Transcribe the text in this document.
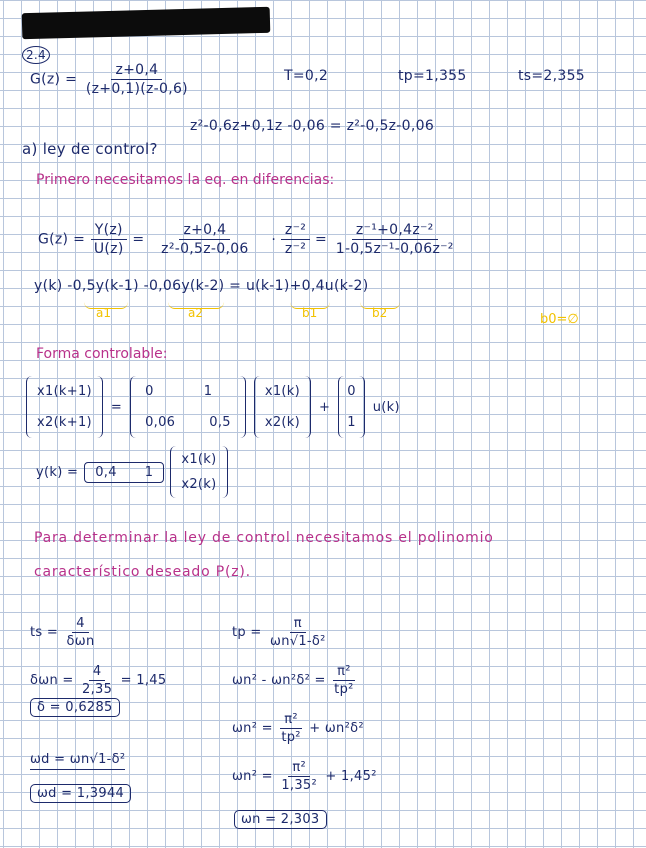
2.4
$G(z) = \frac{z+0,4}{(z+0,1)(z-0,6)}$	T=0,2	tp=1,355	ts=2,355
z²-0,6z+0,1z -0,06 = z²-0,5z-0,06
a) ley de control?
Primero necesitamos la eq. en diferencias:
$G(z) = \frac{Y(z)}{U(z)} = \frac{z+0,4}{\text{z²-0,5z-0,06}} \cdot \frac{\text{z⁻²}}{\text{z⁻²}} = \frac{\text{z⁻¹+0,4z⁻²}}{\text{1-0,5z⁻¹-0,06z⁻²}}$
y(k) -0,5y(k-1) -0,06y(k-2) = u(k-1)+0,4u(k-2)
a1	a2	b1	b2	b0=∅
Forma controlable:
x1(k+1)
x2(k+1)
=
0	1
0,06	0,5
x1(k)
x2(k)
+
0
1
u(k)
y(k) = 0,4 1
x1(k)
x2(k)
Para determinar la ley de control necesitamos el polinomio
característico deseado P(z).
ts = $\frac{4}{\text{δωn}}$
$\delta\omega n = \frac{4}{2,35} = 1,45$
δ = 0,6285
ωd = ωn√1-δ²
ωd = 1,3944
tp = $\frac{\pi}{\text{ωn√1-δ²}}$
$\omega n^2 - \omega n^2\delta^2 = \frac{\text{π²}}{\text{tp²}}$
$\omega n^2 = \frac{\text{π²}}{\text{tp²}} + \omega n^2\delta^2$
$\omega n^2 = \frac{\text{π²}}{\text{1,35²}} + 1,45^2$
ωn = 2,303
